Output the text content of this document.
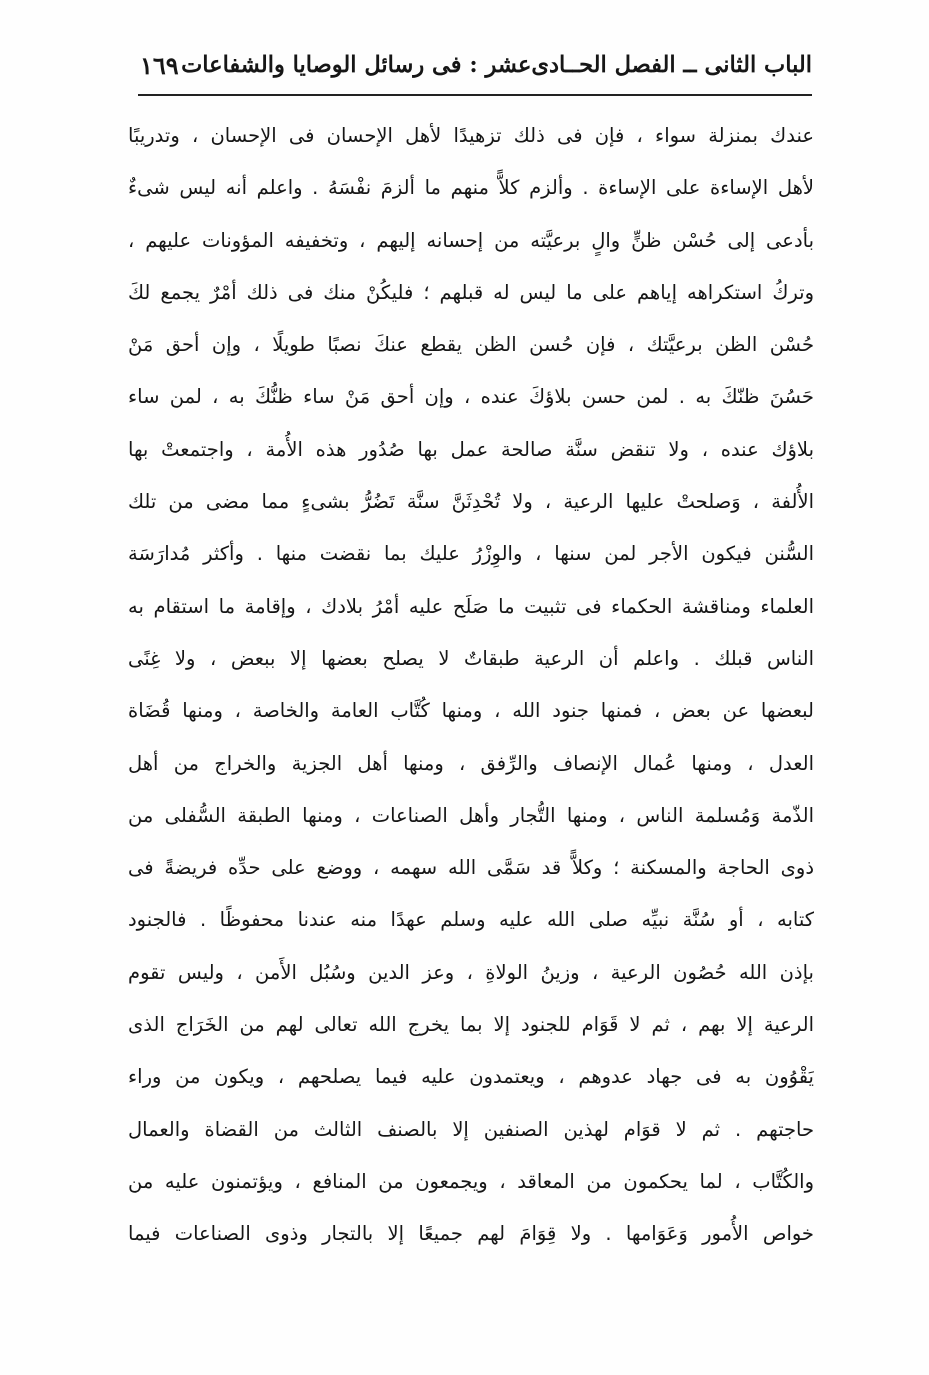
١٦٩ الباب الثانى ــ الفصل الحــادى‌عشر : فى رسائل الوصايا والشفاعات
عندك بمنزلة سواء ، فإن فى ذلك تزهيدًا لأهل الإحسان فى الإحسان ، وتدريبًا
لأهل الإساءة على الإساءة . وألزم كلاًّ منهم ما ألزمَ نفْسَهُ . واعلم أنه ليس شىءٌ
بأدعى إلى حُسْن ظنٍّ والٍ برعيَّته من إحسانه إليهم ، وتخفيفه المؤونات عليهم ،
وتركُ استكراهه إياهم على ما ليس له قبلهم ؛ فليكُنْ منك فى ذلك أمْرٌ يجمع لكَ
حُسْن الظن برعيَّتك ، فإن حُسن الظن يقطع عنكَ نصبًا طويلًا ، وإن أحق مَنْ
حَسُنَ ظنّكَ به . لمن حسن بلاؤكَ عنده ، وإن أحق مَنْ ساء ظنُّكَ به ، لمن ساء
بلاؤك عنده ، ولا تنقض سنَّة صالحة عمل بها صُدُور هذه الأُمة ، واجتمعتْ بها
الأُلفة ، وَصلحتْ عليها الرعية ، ولا تُحْدِثَنَّ سنَّة تَضُرُّ بشىءٍ مما مضى من تلك
السُّنن فيكون الأجر لمن سنها ، والوِزْرُ عليك بما نقضت منها . وأكثر مُدارَسَة
العلماء ومناقشة الحكماء فى تثبيت ما صَلَح عليه أمْرُ بلادك ، وإقامة ما استقام به
الناس قبلك . واعلم أن الرعية طبقاتٌ لا يصلح بعضها إلا ببعض ، ولا غِنًى
لبعضها عن بعض ، فمنها جنود الله ، ومنها كُتَّاب العامة والخاصة ، ومنها قُضَاة
العدل ، ومنها عُمال الإنصاف والرِّفق ، ومنها أهل الجزية والخراج من أهل
الذّمة وَمُسلمة الناس ، ومنها التُّجار وأهل الصناعات ، ومنها الطبقة السُّفلى من
ذوى الحاجة والمسكنة ؛ وكلاًّ قد سَمَّى الله سهمه ، ووضع على حدِّه فريضةً فى
كتابه ، أو سُنَّة نبيِّه صلى الله عليه وسلم عهدًا منه عندنا محفوظًا . فالجنود
بإذن الله حُصُون الرعية ، وزينُ الولاةِ ، وعز الدين وسُبُل الأَمن ، وليس تقوم
الرعية إلا بهم ، ثم لا قَوَام للجنود إلا بما يخرج الله تعالى لهم من الخَرَاج الذى
يَقْوُون به فى جهاد عدوهم ، ويعتمدون عليه فيما يصلحهم ، ويكون من وراء
حاجتهم . ثم لا قوَام لهذين الصنفين إلا بالصنف الثالث من القضاة والعمال
والكُتَّاب ، لما يحكمون من المعاقد ، ويجمعون من المنافع ، ويؤتمنون عليه من
خواص الأُمور وَعَوَامها . ولا قِوَامَ لهم جميعًا إلا بالتجار وذوى الصناعات فيما
